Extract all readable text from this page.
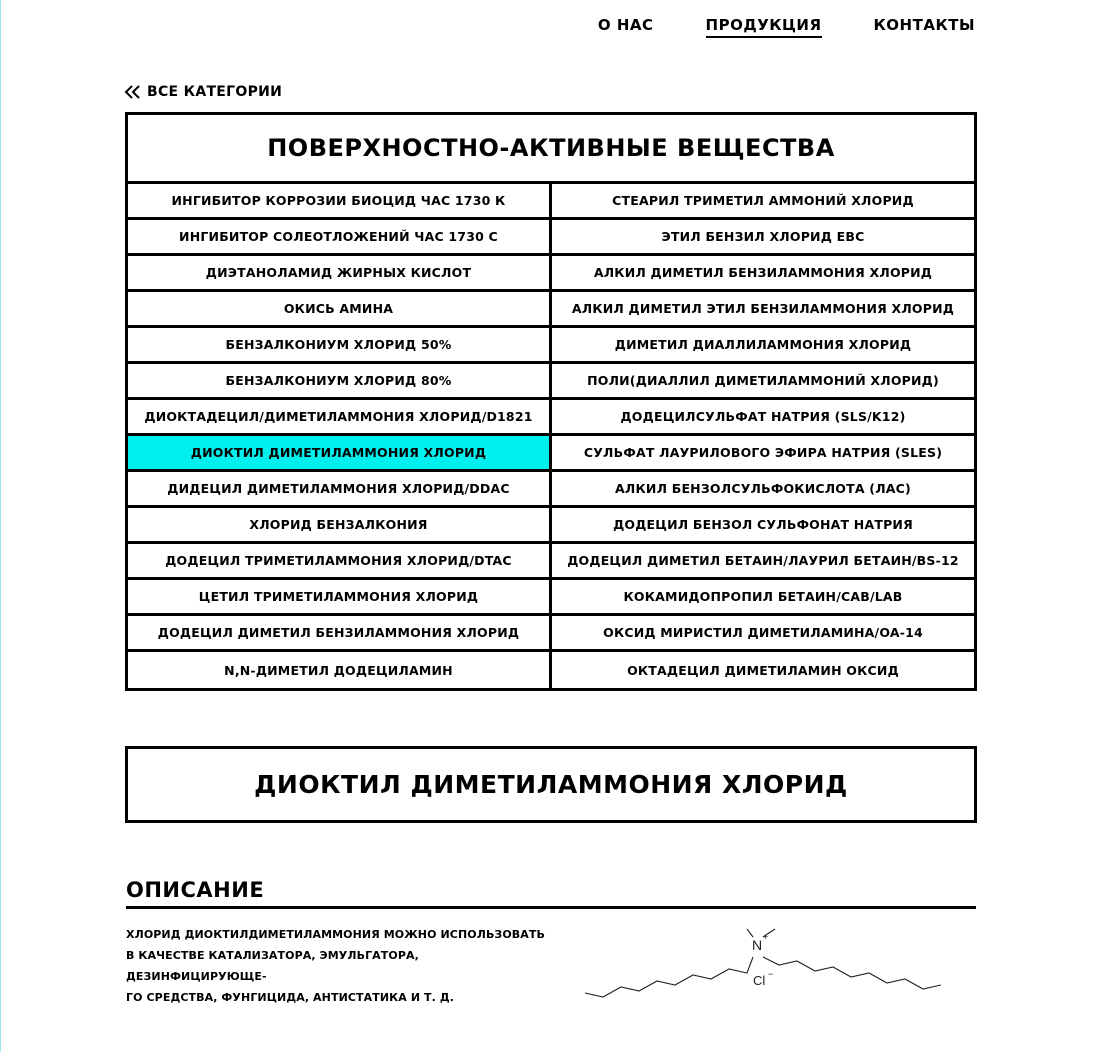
О НАС	ПРОДУКЦИЯ	КОНТАКТЫ
ВСЕ КАТЕГОРИИ
ПОВЕРХНОСТНО-АКТИВНЫЕ ВЕЩЕСТВА
ИНГИБИТОР КОРРОЗИИ БИОЦИД ЧАС 1730 К	СТЕАРИЛ ТРИМЕТИЛ АММОНИЙ ХЛОРИД
ИНГИБИТОР СОЛЕОТЛОЖЕНИЙ ЧАС 1730 С	ЭТИЛ БЕНЗИЛ ХЛОРИД EBC
ДИЭТАНОЛАМИД ЖИРНЫХ КИСЛОТ	АЛКИЛ ДИМЕТИЛ БЕНЗИЛАММОНИЯ ХЛОРИД
ОКИСЬ АМИНА	АЛКИЛ ДИМЕТИЛ ЭТИЛ БЕНЗИЛАММОНИЯ ХЛОРИД
БЕНЗАЛКОНИУМ ХЛОРИД 50%	ДИМЕТИЛ ДИАЛЛИЛАММОНИЯ ХЛОРИД
БЕНЗАЛКОНИУМ ХЛОРИД 80%	ПОЛИ(ДИАЛЛИЛ ДИМЕТИЛАММОНИЙ ХЛОРИД)
ДИОКТАДЕЦИЛ/ДИМЕТИЛАММОНИЯ ХЛОРИД/D1821	ДОДЕЦИЛСУЛЬФАТ НАТРИЯ (SLS/K12)
ДИОКТИЛ ДИМЕТИЛАММОНИЯ ХЛОРИД	СУЛЬФАТ ЛАУРИЛОВОГО ЭФИРА НАТРИЯ (SLES)
ДИДЕЦИЛ ДИМЕТИЛАММОНИЯ ХЛОРИД/DDAC	АЛКИЛ БЕНЗОЛСУЛЬФОКИСЛОТА (ЛАС)
ХЛОРИД БЕНЗАЛКОНИЯ	ДОДЕЦИЛ БЕНЗОЛ СУЛЬФОНАТ НАТРИЯ
ДОДЕЦИЛ ТРИМЕТИЛАММОНИЯ ХЛОРИД/DTAC	ДОДЕЦИЛ ДИМЕТИЛ БЕТАИН/ЛАУРИЛ БЕТАИН/BS-12
ЦЕТИЛ ТРИМЕТИЛАММОНИЯ ХЛОРИД	КОКАМИДОПРОПИЛ БЕТАИН/CAB/LAB
ДОДЕЦИЛ ДИМЕТИЛ БЕНЗИЛАММОНИЯ ХЛОРИД	ОКСИД МИРИСТИЛ ДИМЕТИЛАМИНА/OA-14
N,N-ДИМЕТИЛ ДОДЕЦИЛАМИН	ОКТАДЕЦИЛ ДИМЕТИЛАМИН ОКСИД
ДИОКТИЛ ДИМЕТИЛАММОНИЯ ХЛОРИД
ОПИСАНИЕ
ХЛОРИД ДИОКТИЛДИМЕТИЛАММОНИЯ МОЖНО ИСПОЛЬЗОВАТЬ
В КАЧЕСТВЕ КАТАЛИЗАТОРА, ЭМУЛЬГАТОРА, ДЕЗИНФИЦИРУЮЩЕ-
ГО СРЕДСТВА, ФУНГИЦИДА, АНТИСТАТИКА И Т. Д.
N +
Cl −
